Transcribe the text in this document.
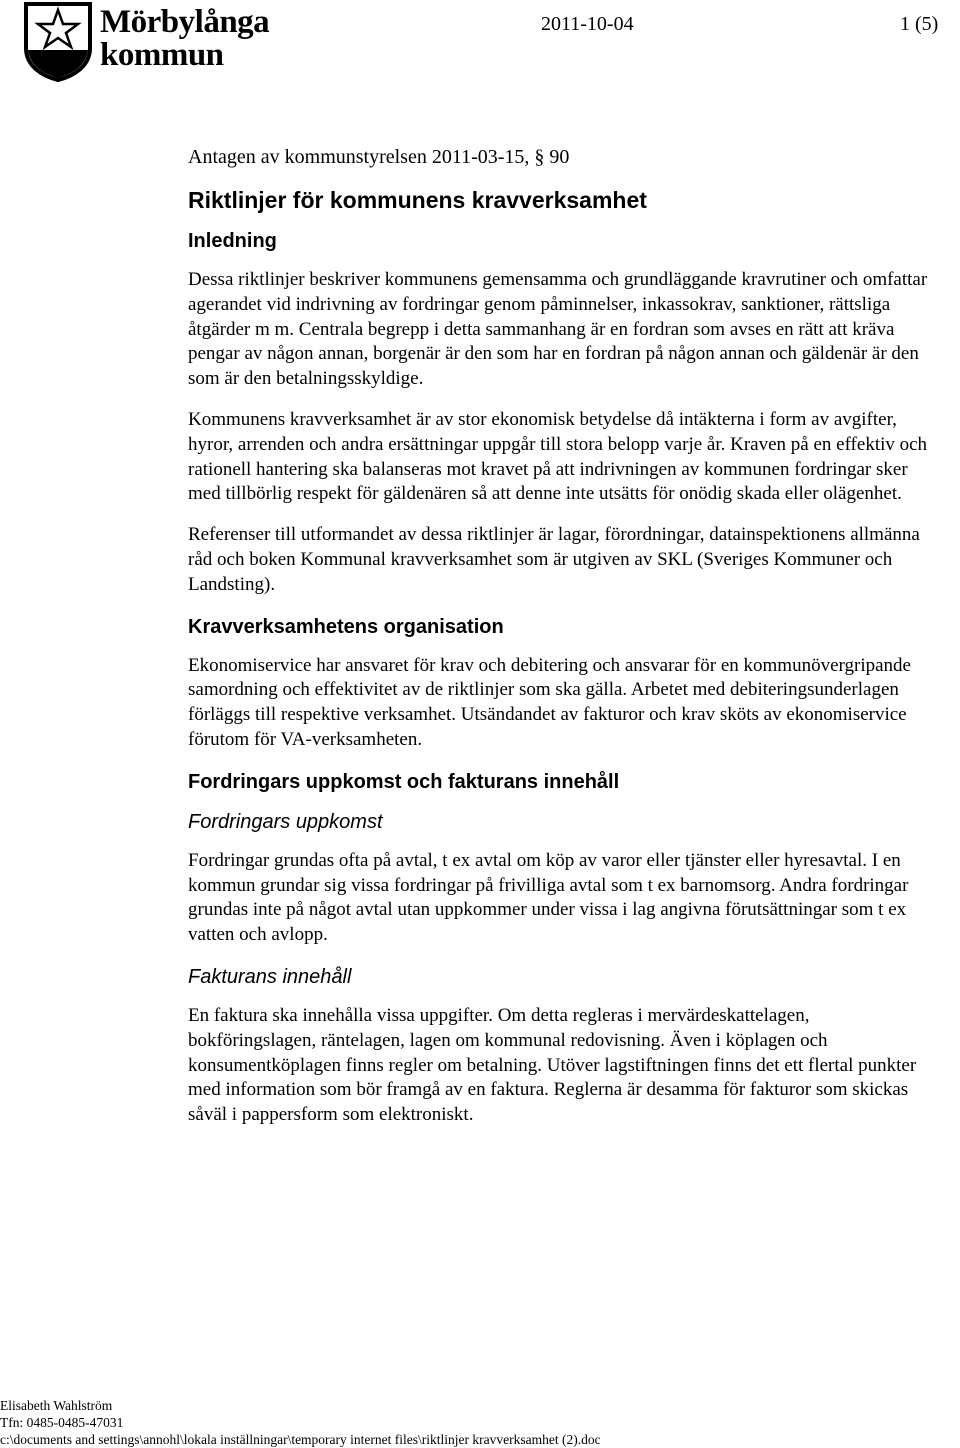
Mörbylånga
kommun
2011-10-04	1 (5)
Antagen av kommunstyrelsen 2011-03-15, § 90
Riktlinjer för kommunens kravverksamhet
Inledning

Dessa riktlinjer beskriver kommunens gemensamma och grundläggande kravrutiner och omfattar agerandet vid indrivning av fordringar genom påminnelser, inkassokrav, sanktioner, rättsliga åtgärder m m. Centrala begrepp i detta sammanhang är en fordran som avses en rätt att kräva pengar av någon annan, borgenär är den som har en fordran på någon annan och gäldenär är den som är den betalningsskyldige.

Kommunens kravverksamhet är av stor ekonomisk betydelse då intäkterna i form av avgifter, hyror, arrenden och andra ersättningar uppgår till stora belopp varje år. Kraven på en effektiv och rationell hantering ska balanseras mot kravet på att indrivningen av kommunen fordringar sker med tillbörlig respekt för gäldenären så att denne inte utsätts för onödig skada eller olägenhet.

Referenser till utformandet av dessa riktlinjer är lagar, förordningar, datainspektionens allmänna råd och boken Kommunal kravverksamhet som är utgiven av SKL (Sveriges Kommuner och Landsting).

Kravverksamhetens organisation

Ekonomiservice har ansvaret för krav och debitering och ansvarar för en kommunövergripande samordning och effektivitet av de riktlinjer som ska gälla. Arbetet med debiteringsunderlagen förläggs till respektive verksamhet. Utsändandet av fakturor och krav sköts av ekonomiservice förutom för VA-verksamheten.

Fordringars uppkomst och fakturans innehåll
Fordringars uppkomst

Fordringar grundas ofta på avtal, t ex avtal om köp av varor eller tjänster eller hyresavtal. I en kommun grundar sig vissa fordringar på frivilliga avtal som t ex barnomsorg. Andra fordringar grundas inte på något avtal utan uppkommer under vissa i lag angivna förutsättningar som t ex vatten och avlopp.

Fakturans innehåll

En faktura ska innehålla vissa uppgifter. Om detta regleras i mervärdeskattelagen, bokföringslagen, räntelagen, lagen om kommunal redovisning. Även i köplagen och konsumentköplagen finns regler om betalning. Utöver lagstiftningen finns det ett flertal punkter med information som bör framgå av en faktura. Reglerna är desamma för fakturor som skickas såväl i pappersform som elektroniskt.

Elisabeth Wahlström
Tfn: 0485-0485-47031
c:\documents and settings\annohl\lokala inställningar\temporary internet files\riktlinjer kravverksamhet (2).doc
